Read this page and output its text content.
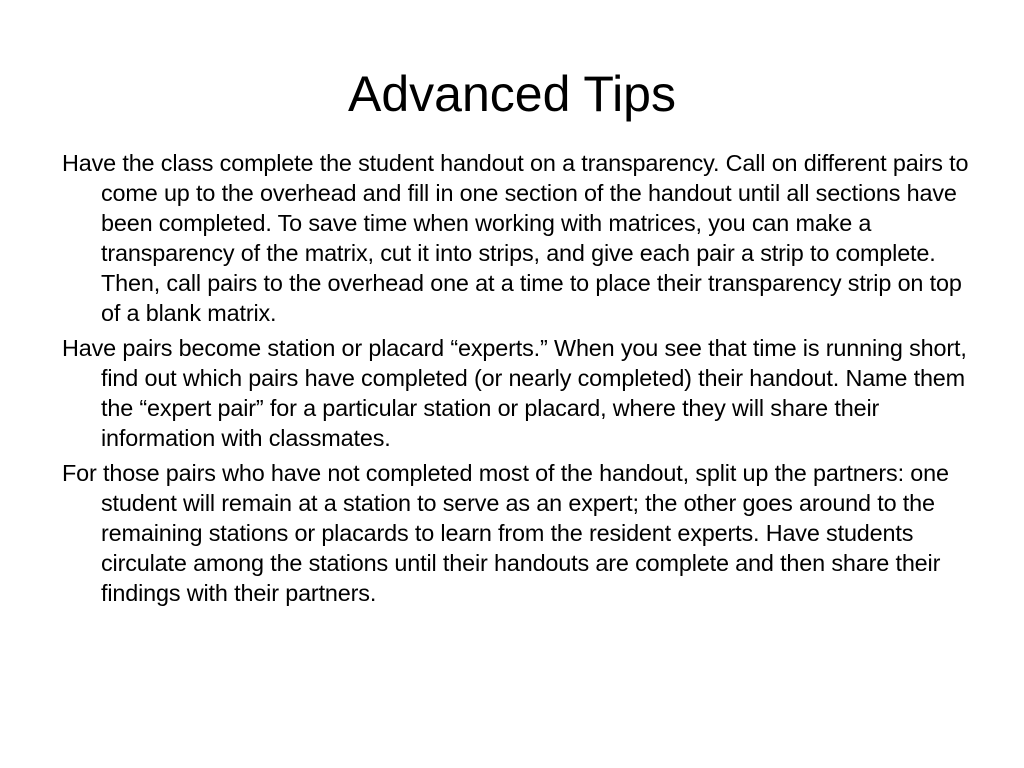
Advanced Tips
Have the class complete the student handout on a transparency. Call on different pairs to come up to the overhead and fill in one section of the handout until all sections have been completed. To save time when working with matrices, you can make a transparency of the matrix, cut it into strips, and give each pair a strip to complete. Then, call pairs to the overhead one at a time to place their transparency strip on top of a blank matrix.
Have pairs become station or placard “experts.” When you see that time is running short, find out which pairs have completed (or nearly completed) their handout. Name them the “expert pair” for a particular station or placard, where they will share their information with classmates.
For those pairs who have not completed most of the handout, split up the partners: one student will remain at a station to serve as an expert; the other goes around to the remaining stations or placards to learn from the resident experts. Have students circulate among the stations until their handouts are complete and then share their findings with their partners.
